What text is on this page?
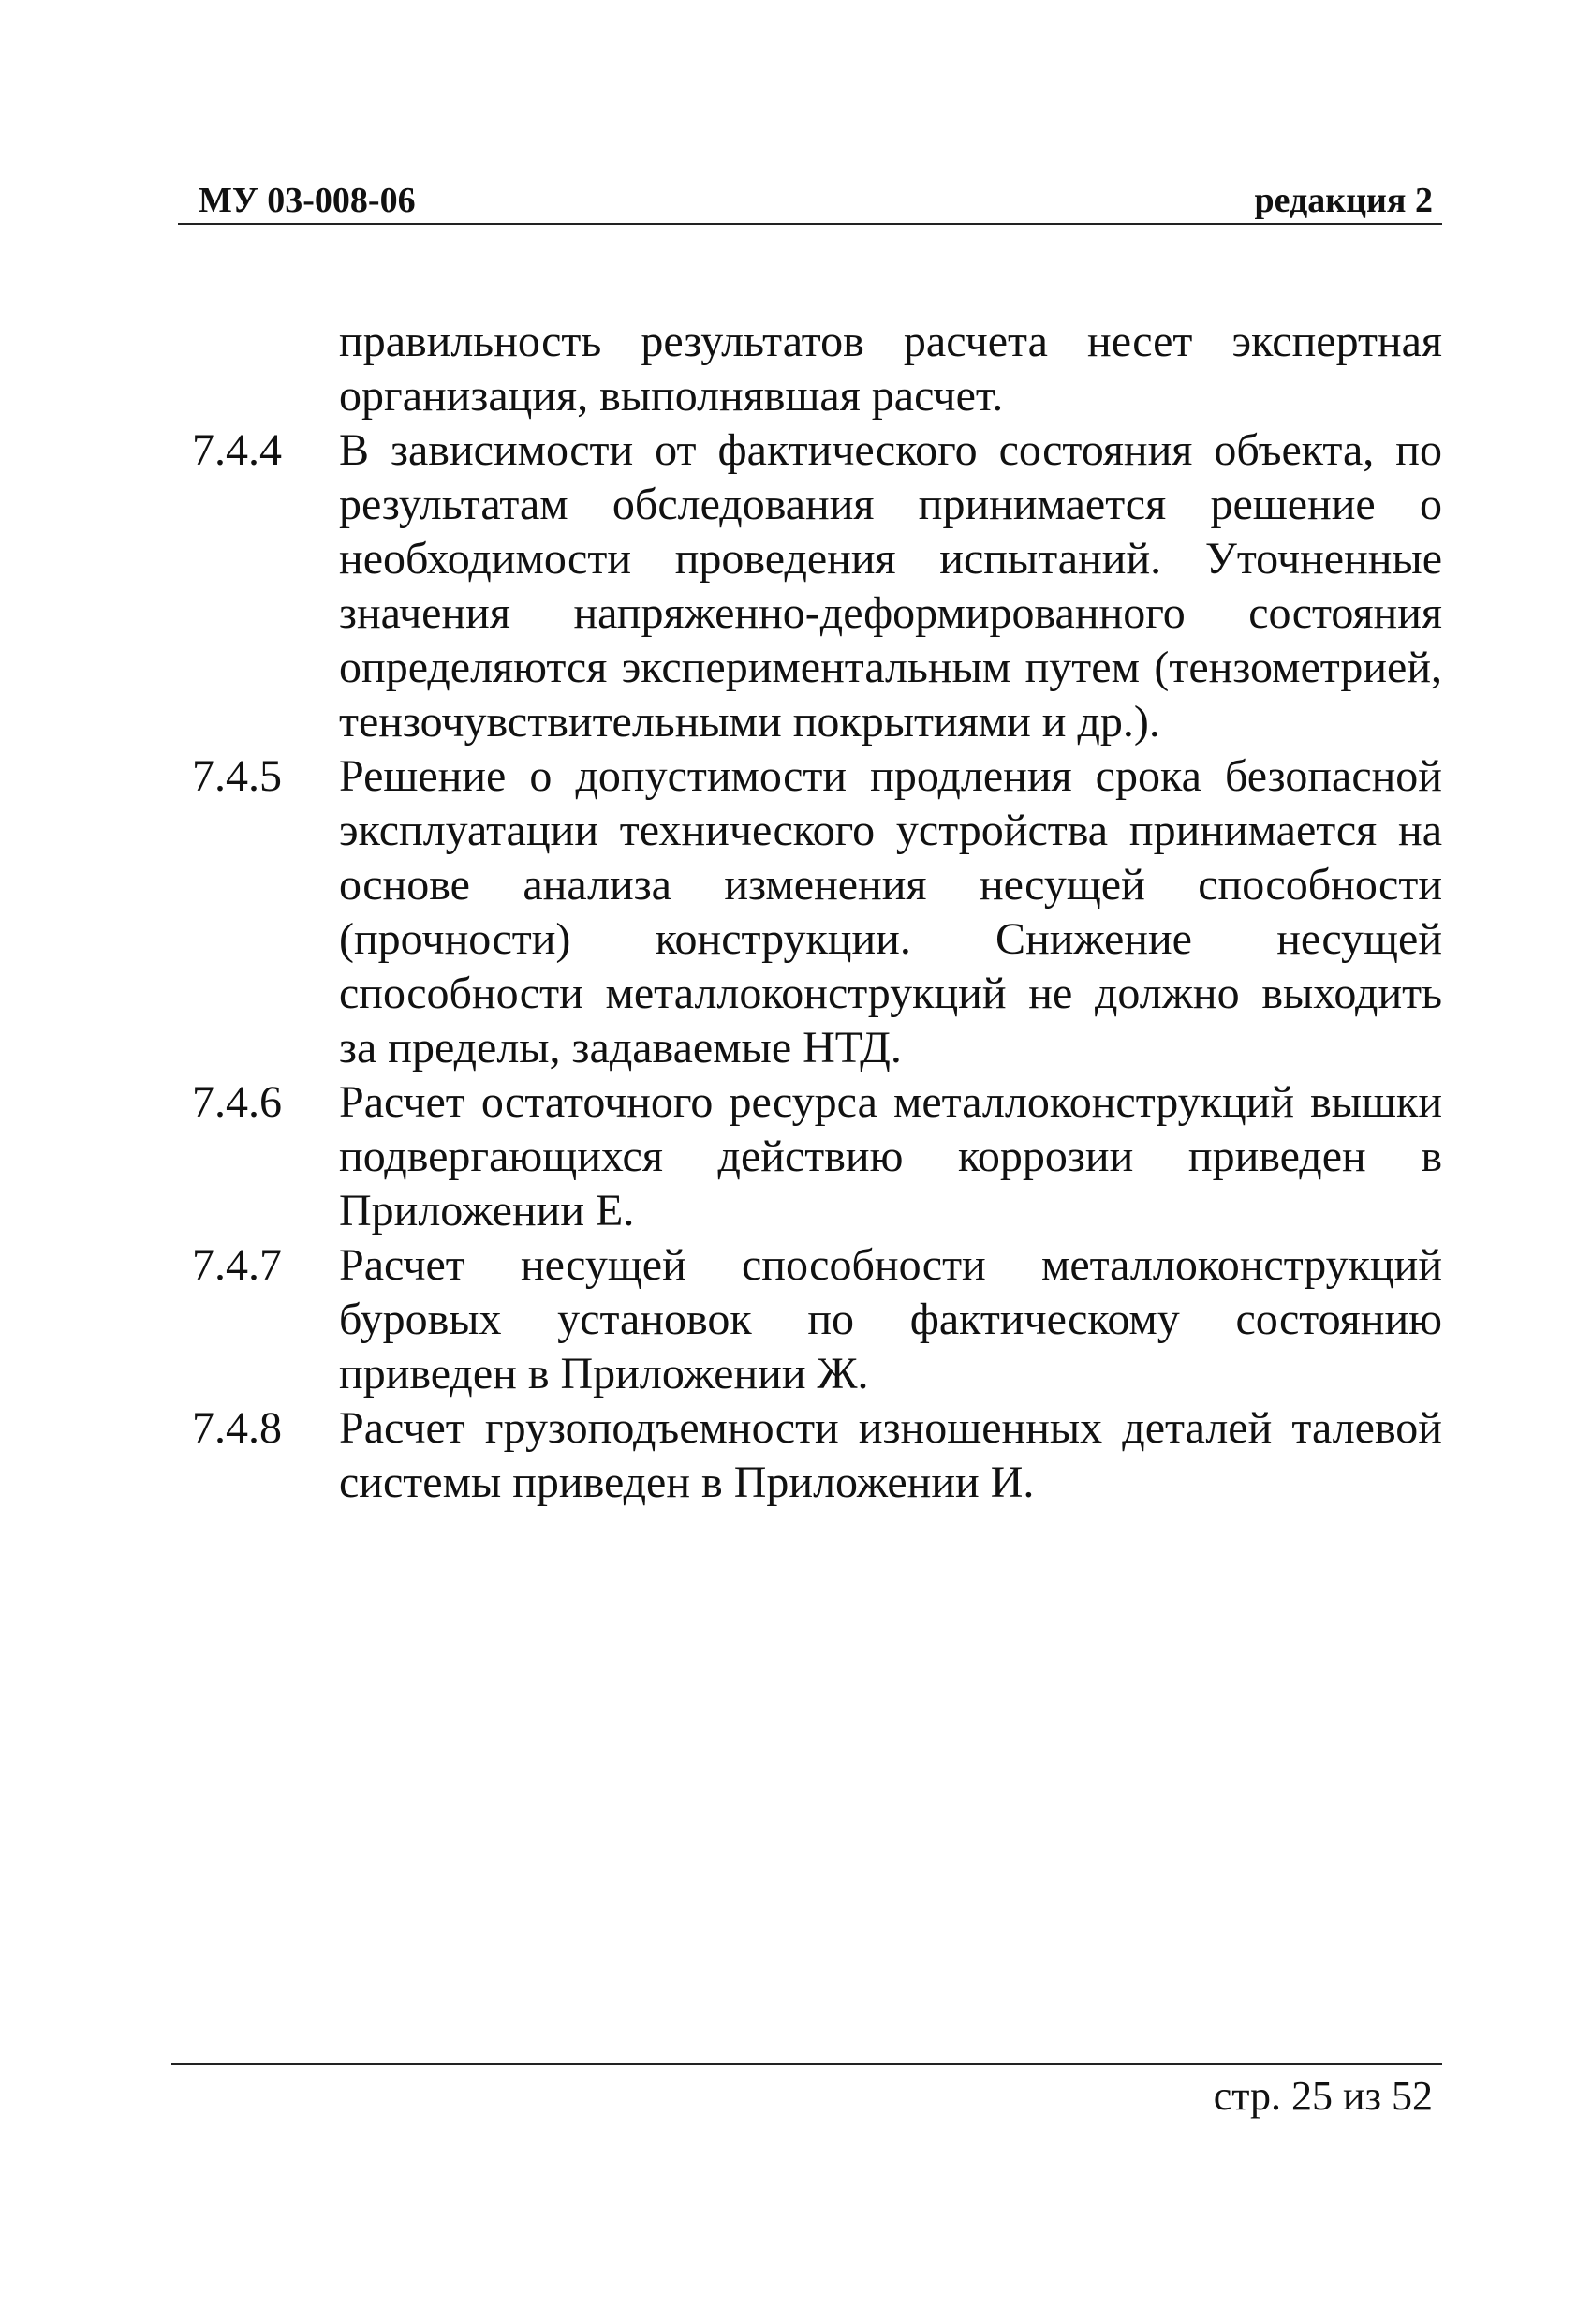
МУ 03-008-06	редакция 2
правильность результатов расчета несет экспертная организация, выполнявшая расчет.
7.4.4 В зависимости от фактического состояния объекта, по результатам обследования принимается решение о необходимости проведения испытаний. Уточненные значения напряженно-деформированного состояния определяются экспериментальным путем (тензометрией, тензочувствительными покрытиями и др.).
7.4.5 Решение о допустимости продления срока безопасной эксплуатации технического устройства принимается на основе анализа изменения несущей способности (прочности) конструкции. Снижение несущей способности металлоконструкций не должно выходить за пределы, задаваемые НТД.
7.4.6 Расчет остаточного ресурса металлоконструкций вышки подвергающихся действию коррозии приведен в Приложении Е.
7.4.7 Расчет несущей способности металлоконструкций буровых установок по фактическому состоянию приведен в Приложении Ж.
7.4.8 Расчет грузоподъемности изношенных деталей талевой системы приведен в Приложении И.
стр. 25 из 52
